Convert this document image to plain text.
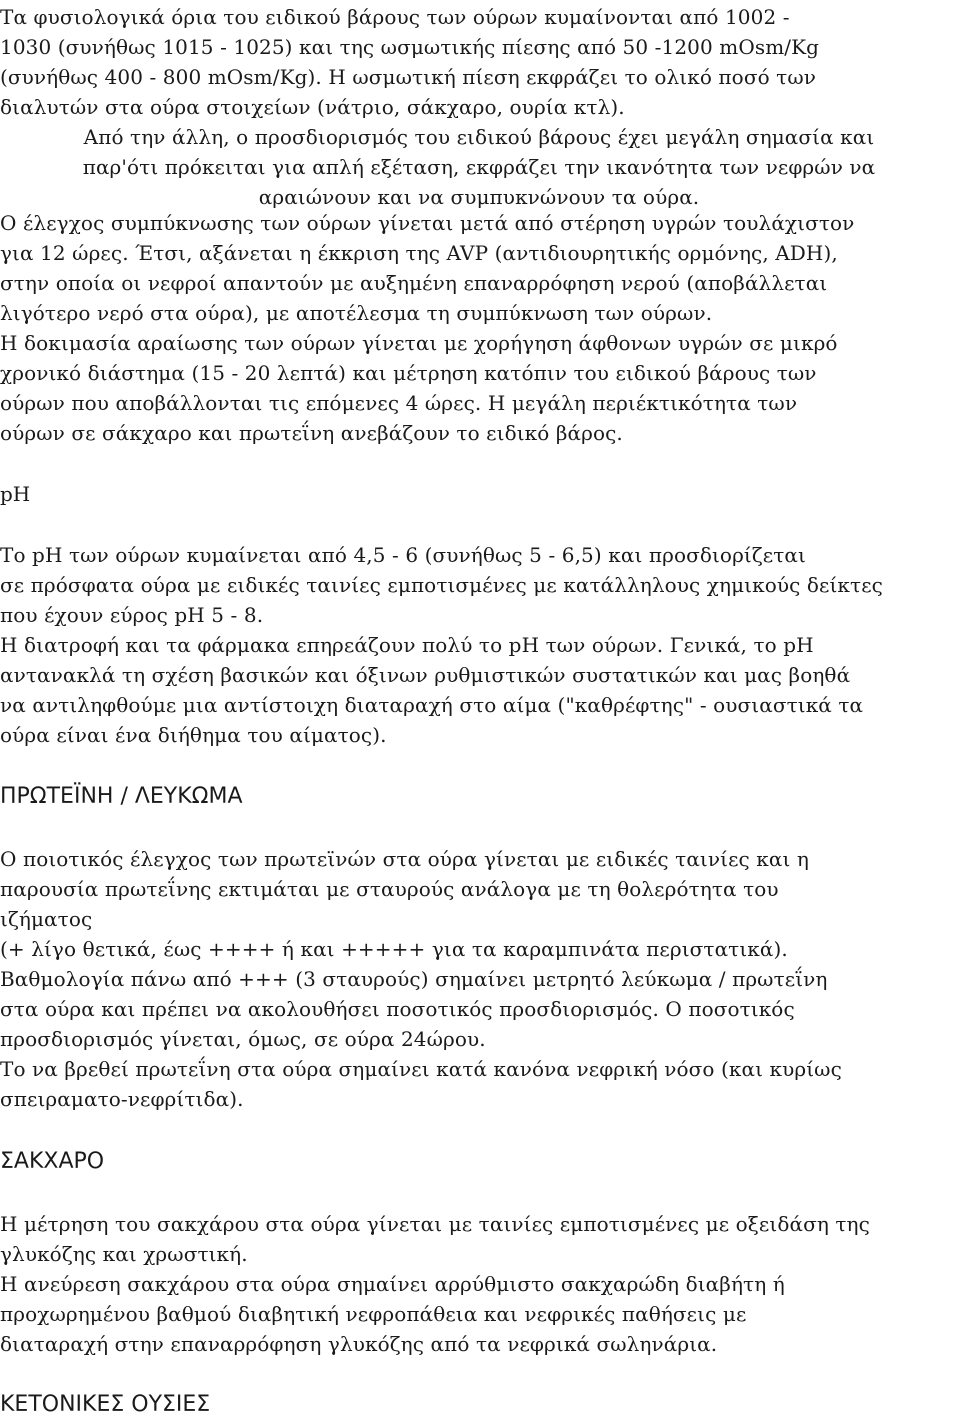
Τα φυσιολογικά όρια του ειδικού βάρους των ούρων κυμαίνονται από 1002 -
1030 (συνήθως 1015 - 1025) και της ωσμωτικής πίεσης από 50 -1200 mOsm/Kg
(συνήθως 400 - 800 mOsm/Kg). Η ωσμωτική πίεση εκφράζει το ολικό ποσό των
διαλυτών στα ούρα στοιχείων (νάτριο, σάκχαρο, ουρία κτλ).
Από την άλλη, ο προσδιορισμός του ειδικού βάρους έχει μεγάλη σημασία και
παρ'ότι πρόκειται για απλή εξέταση, εκφράζει την ικανότητα των νεφρών να
αραιώνουν και να συμπυκνώνουν τα ούρα.
Ο έλεγχος συμπύκνωσης των ούρων γίνεται μετά από στέρηση υγρών τουλάχιστον
για 12 ώρες. Έτσι, αξάνεται η έκκριση της AVP (αντιδιουρητικής ορμόνης, ADH),
στην οποία οι νεφροί απαντούν με αυξημένη επαναρρόφηση νερού (αποβάλλεται
λιγότερο νερό στα ούρα), με αποτέλεσμα τη συμπύκνωση των ούρων.
Η δοκιμασία αραίωσης των ούρων γίνεται με χορήγηση άφθονων υγρών σε μικρό
χρονικό διάστημα (15 - 20 λεπτά) και μέτρηση κατόπιν του ειδικού βάρους των
ούρων που αποβάλλονται τις επόμενες 4 ώρες. Η μεγάλη περιέκτικότητα των
ούρων σε σάκχαρο και πρωτεΐνη ανεβάζουν το ειδικό βάρος.
pH
Το pH των ούρων κυμαίνεται από 4,5 - 6 (συνήθως 5 - 6,5) και προσδιορίζεται
σε πρόσφατα ούρα με ειδικές ταινίες εμποτισμένες με κατάλληλους χημικούς δείκτες
που έχουν εύρος pH 5 - 8.
Η διατροφή και τα φάρμακα επηρεάζουν πολύ το pH των ούρων. Γενικά, το pH
αντανακλά τη σχέση βασικών και όξινων ρυθμιστικών συστατικών και μας βοηθά
να αντιληφθούμε μια αντίστοιχη διαταραχή στο αίμα ("καθρέφτης" - ουσιαστικά τα
ούρα είναι ένα διήθημα του αίματος).
ΠΡΩΤΕΪΝΗ / ΛΕΥΚΩΜΑ
Ο ποιοτικός έλεγχος των πρωτεϊνών στα ούρα γίνεται με ειδικές ταινίες και η
παρουσία πρωτεΐνης εκτιμάται με σταυρούς ανάλογα με τη θολερότητα του
ιζήματος
(+ λίγο θετικά, έως ++++ ή και +++++ για τα καραμπινάτα περιστατικά).
Βαθμολογία πάνω από +++ (3 σταυρούς) σημαίνει μετρητό λεύκωμα / πρωτεΐνη
στα ούρα και πρέπει να ακολουθήσει ποσοτικός προσδιορισμός. Ο ποσοτικός
προσδιορισμός γίνεται, όμως, σε ούρα 24ώρου.
Το να βρεθεί πρωτεΐνη στα ούρα σημαίνει κατά κανόνα νεφρική νόσο (και κυρίως
σπειραματο-νεφρίτιδα).
ΣΑΚΧΑΡΟ
Η μέτρηση του σακχάρου στα ούρα γίνεται με ταινίες εμποτισμένες με οξειδάση της
γλυκόζης και χρωστική.
Η ανεύρεση σακχάρου στα ούρα σημαίνει αρρύθμιστο σακχαρώδη διαβήτη ή
προχωρημένου βαθμού διαβητική νεφροπάθεια και νεφρικές παθήσεις με
διαταραχή στην επαναρρόφηση γλυκόζης από τα νεφρικά σωληνάρια.
ΚΕΤΟΝΙΚΕΣ ΟΥΣΙΕΣ
